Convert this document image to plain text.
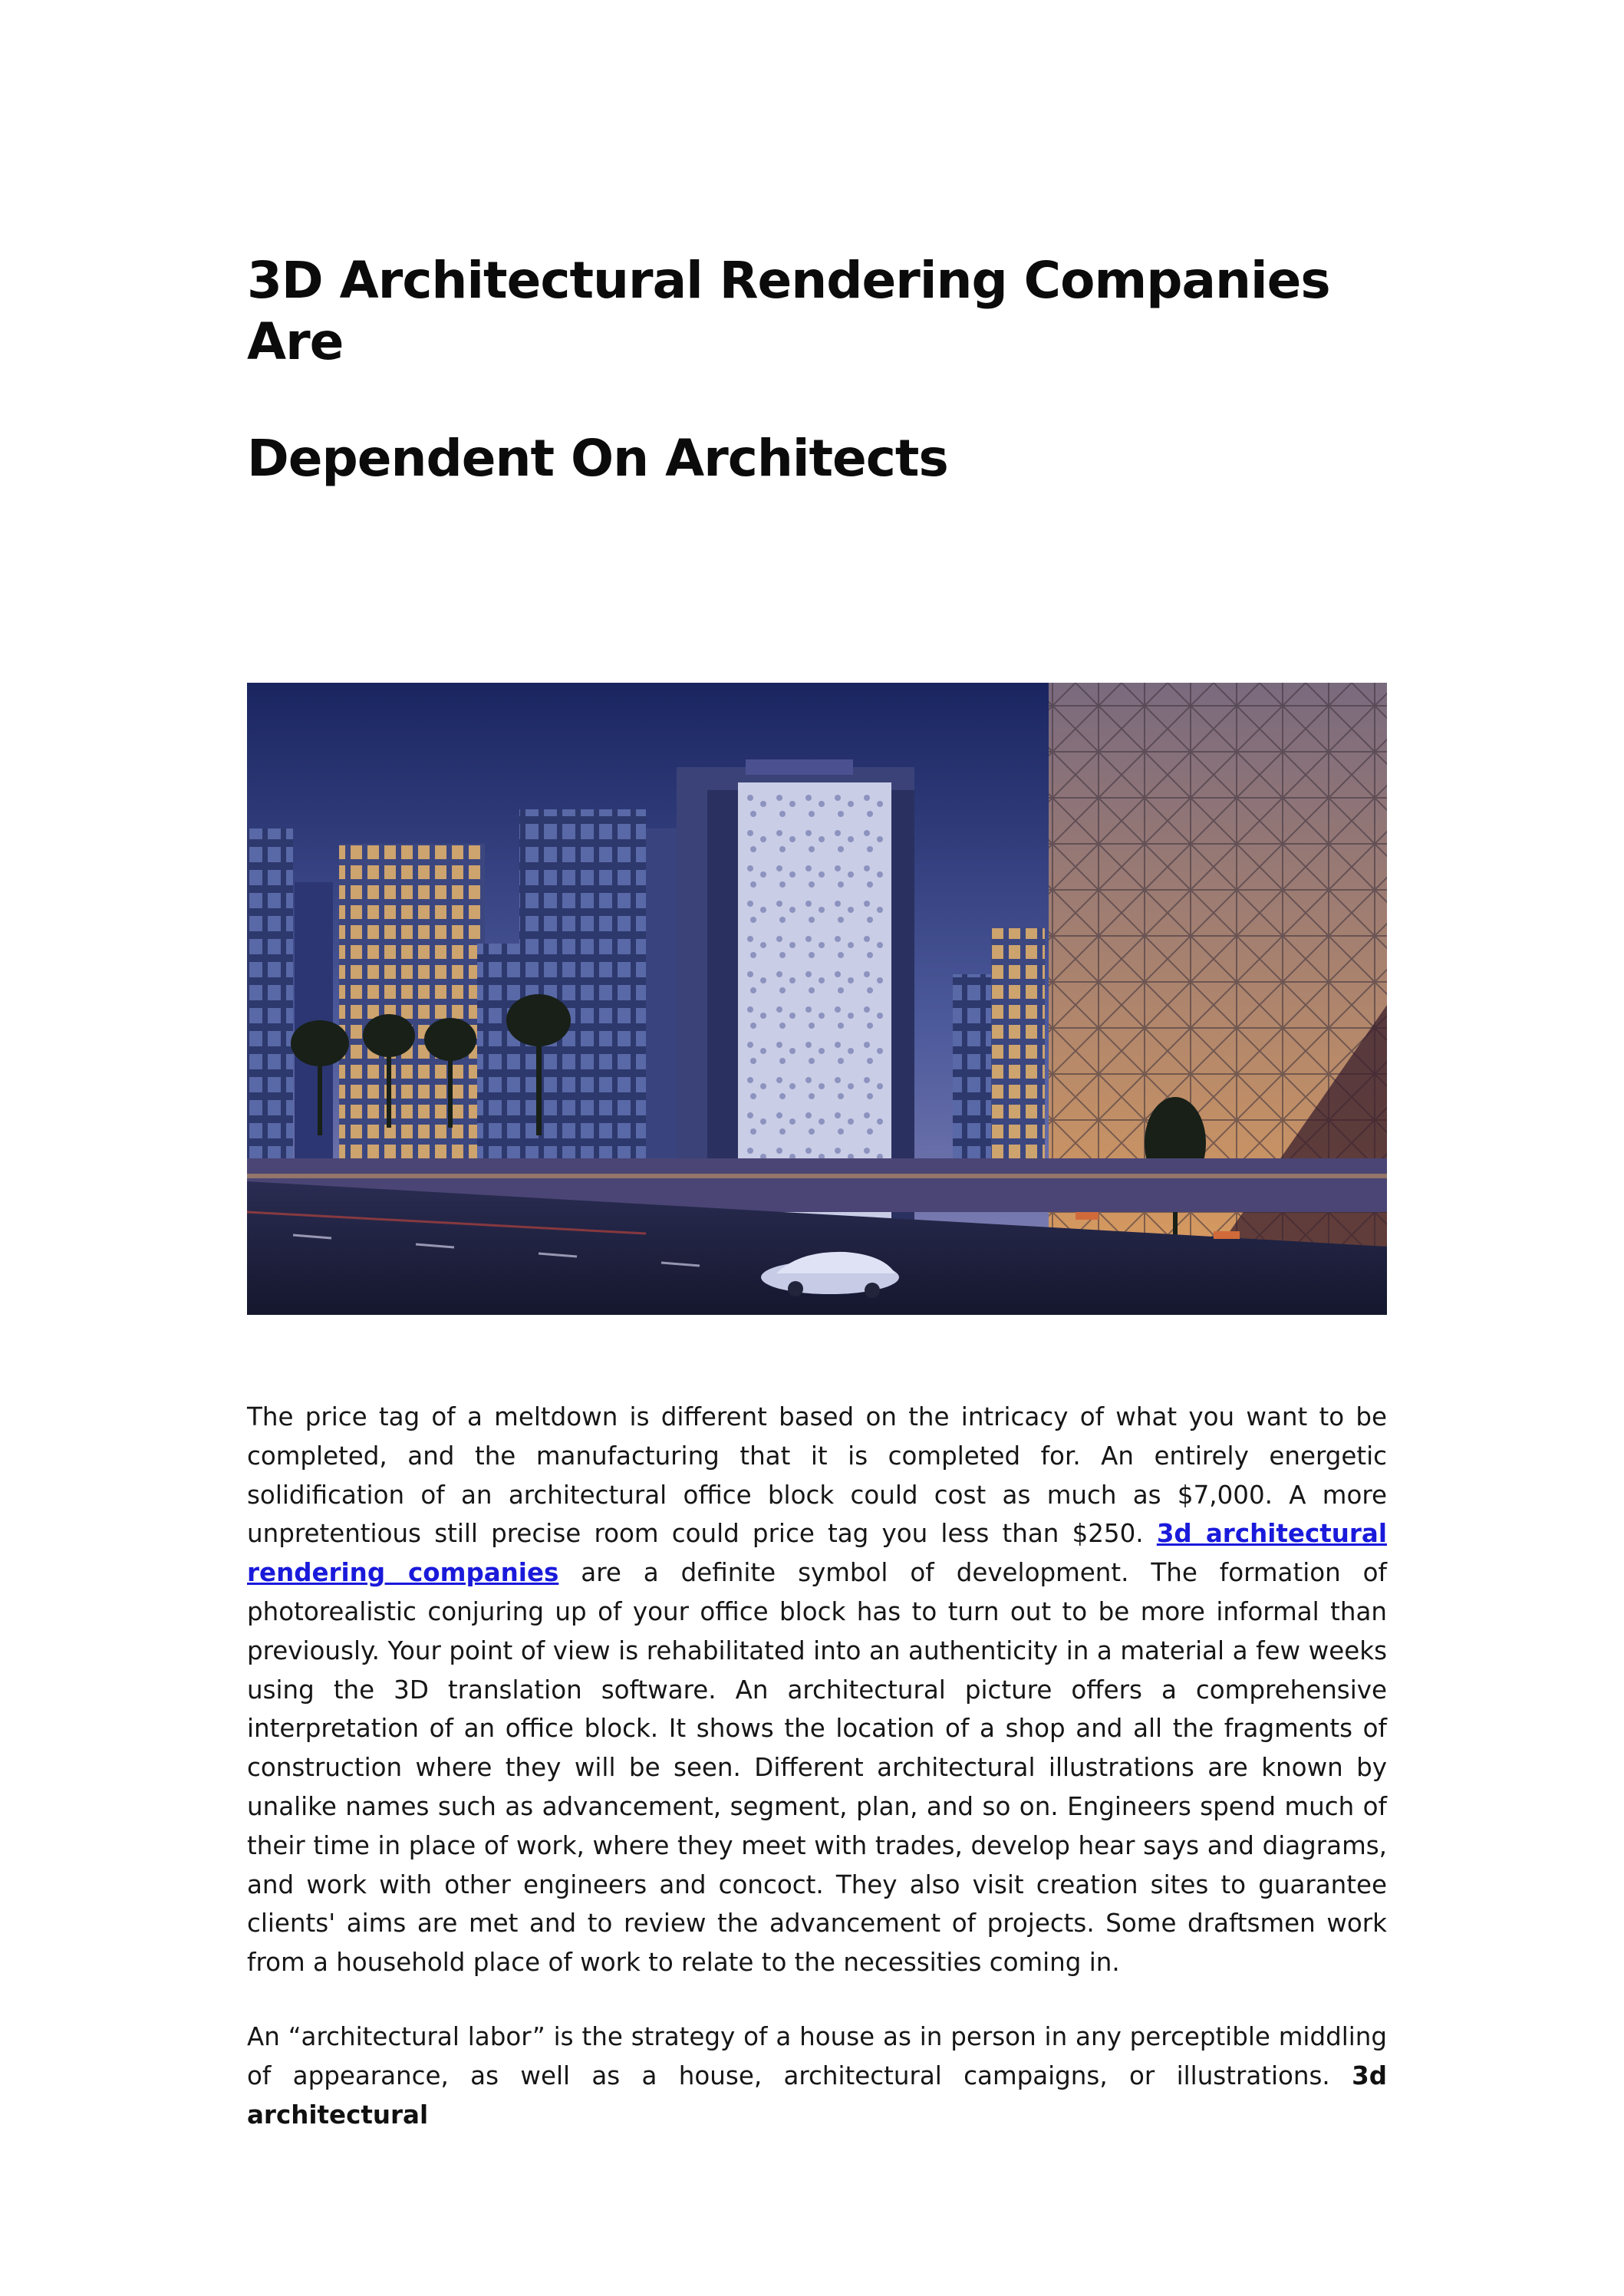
3D Architectural Rendering Companies Are
Dependent On Architects

The price tag of a meltdown is different based on the intricacy of what you want to be completed, and the manufacturing that it is completed for. An entirely energetic solidification of an architectural office block could cost as much as $7,000. A more unpretentious still precise room could price tag you less than $250. 3d architectural rendering companies are a definite symbol of development. The formation of photorealistic conjuring up of your office block has to turn out to be more informal than previously. Your point of view is rehabilitated into an authenticity in a material a few weeks using the 3D translation software. An architectural picture offers a comprehensive interpretation of an office block. It shows the location of a shop and all the fragments of construction where they will be seen. Different architectural illustrations are known by unalike names such as advancement, segment, plan, and so on. Engineers spend much of their time in place of work, where they meet with trades, develop hear says and diagrams, and work with other engineers and concoct. They also visit creation sites to guarantee clients' aims are met and to review the advancement of projects. Some draftsmen work from a household place of work to relate to the necessities coming in.

An “architectural labor” is the strategy of a house as in person in any perceptible middling of appearance, as well as a house, architectural campaigns, or illustrations. 3d architectural
